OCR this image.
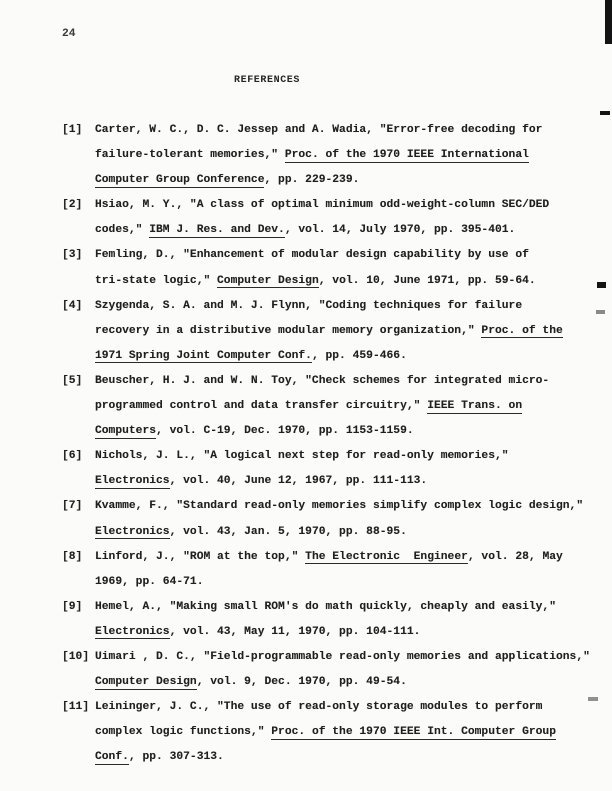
24
REFERENCES
[1] Carter, W. C., D. C. Jessep and A. Wadia, "Error-free decoding for
failure-tolerant memories," Proc. of the 1970 IEEE International
Computer Group Conference, pp. 229-239.
[2] Hsiao, M. Y., "A class of optimal minimum odd-weight-column SEC/DED
codes," IBM J. Res. and Dev., vol. 14, July 1970, pp. 395-401.
[3] Femling, D., "Enhancement of modular design capability by use of
tri-state logic," Computer Design, vol. 10, June 1971, pp. 59-64.
[4] Szygenda, S. A. and M. J. Flynn, "Coding techniques for failure
recovery in a distributive modular memory organization," Proc. of the
1971 Spring Joint Computer Conf., pp. 459-466.
[5] Beuscher, H. J. and W. N. Toy, "Check schemes for integrated micro-
programmed control and data transfer circuitry," IEEE Trans. on
Computers, vol. C-19, Dec. 1970, pp. 1153-1159.
[6] Nichols, J. L., "A logical next step for read-only memories,"
Electronics, vol. 40, June 12, 1967, pp. 111-113.
[7] Kvamme, F., "Standard read-only memories simplify complex logic design,"
Electronics, vol. 43, Jan. 5, 1970, pp. 88-95.
[8] Linford, J., "ROM at the top," The Electronic  Engineer, vol. 28, May
1969, pp. 64-71.
[9] Hemel, A., "Making small ROM's do math quickly, cheaply and easily,"
Electronics, vol. 43, May 11, 1970, pp. 104-111.
[10] Uimari , D. C., "Field-programmable read-only memories and applications,"
Computer Design, vol. 9, Dec. 1970, pp. 49-54.
[11] Leininger, J. C., "The use of read-only storage modules to perform
complex logic functions," Proc. of the 1970 IEEE Int. Computer Group
Conf., pp. 307-313.
